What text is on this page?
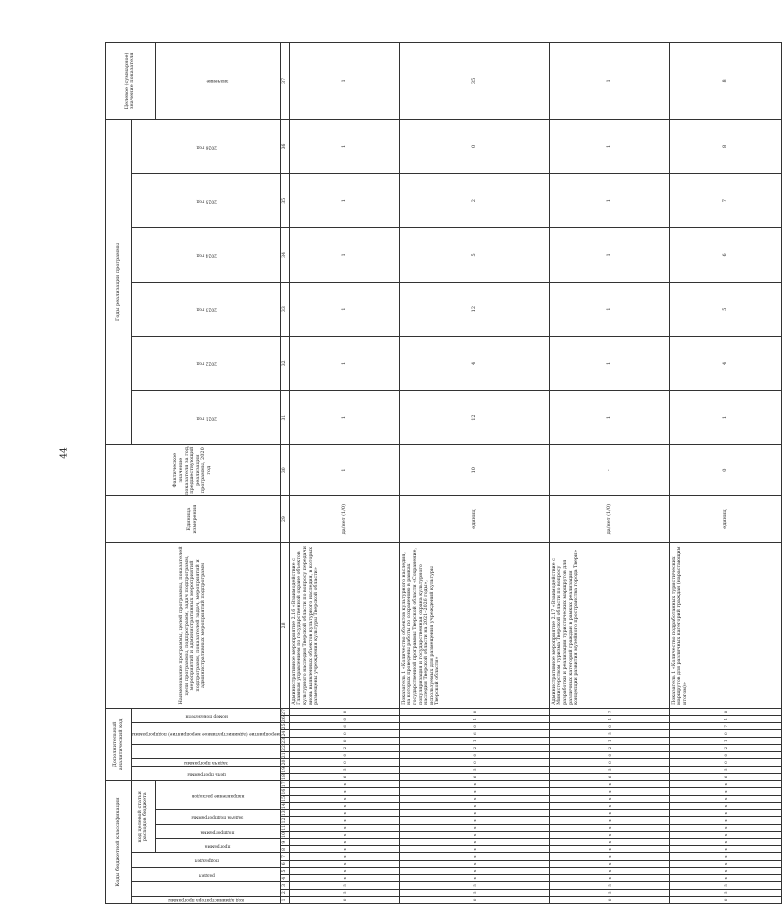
44
Коды бюджетной классификации																	Дополнительный аналитический код										Наименование программы, целей программы, показателей цели программы, подпрограмм, задач подпрограмм, мероприятий и административных мероприятий подпрограмм, показателей задач, мероприятий и административных мероприятий подпрограмм	Единица измерения	Фактическое значение показателя за год, предшествующий реализации программы, 2020 год	Годы реализации программы						Целевое (суммарное) значение показателя
код администратора программы			раздел		подраздел		код целевой статьи расходов бюджета										цель программы		задача программы			мероприятие (административное мероприятие) подпрограммы			номер показателя					2021 год	2022 год	2023 год	2024 год	2025 год	2026 год	
							программа		подпрограмма		задача подпрограммы		направление расходов																							значение
1	2	3	4	5	6	7	8	9	10	11	12	13	14	15	16	17	18	19	20	21	22	23	24	25	26	27	28	29	30	31	32	33	34	35	36	37
0	5	5	x	x	x	x	x	x	x	x	x	x	x	x	x	x	6	5	0	0	2	0	0	6	0	0	Административное мероприятие 2.16 «Взаимодействие с Главным управлением по государственной охране объектов культурного наследия Тверской области по вопросу передачи вновь выявленных объектов культурного наследия, в которых размещены учреждения культуры Тверской области»	да/нет (1/0)	1	1	1	1	1	1	1	1
0	5	5	x	x	x	x	x	x	x	x	x	x	x	x	x	x	6	5	0	0	2	1	6	0	1	0	Показатель 1 «Количество объектов культурного наследия, на которых проведены работы по сохранению в рамках государственной программы Тверской области «Сохранение, популяризация и государственная охрана культурного наследия Тверской области на 2021–2026 годы», используемых для размещения учреждений культуры Тверской области»	единиц	10	12	4	12	5	2	0	35
0	5	5	x	x	x	x	x	x	x	x	x	x	x	x	x	x	6	5	0	0	2	1	5	0	1	7	Административное мероприятие 2.17 «Взаимодействие с Министерством туризма Тверской области по вопросу разработки и реализации туристических маршрутов для различных категорий граждан в рамках реализации концепции развития музейного пространства города Твери»	да/нет (1/0)	-	1	1	1	1	1	1	1
0	5	5	x	x	x	x	x	x	x	x	x	x	x	x	x	x	6	5	0	0	2	1	0	7	1	8	Показатель 1 «Количество подработанных туристических маршрутов для различных категорий граждан (нарастающим итогом)»	единиц	0	1	4	5	6	7	8	8
